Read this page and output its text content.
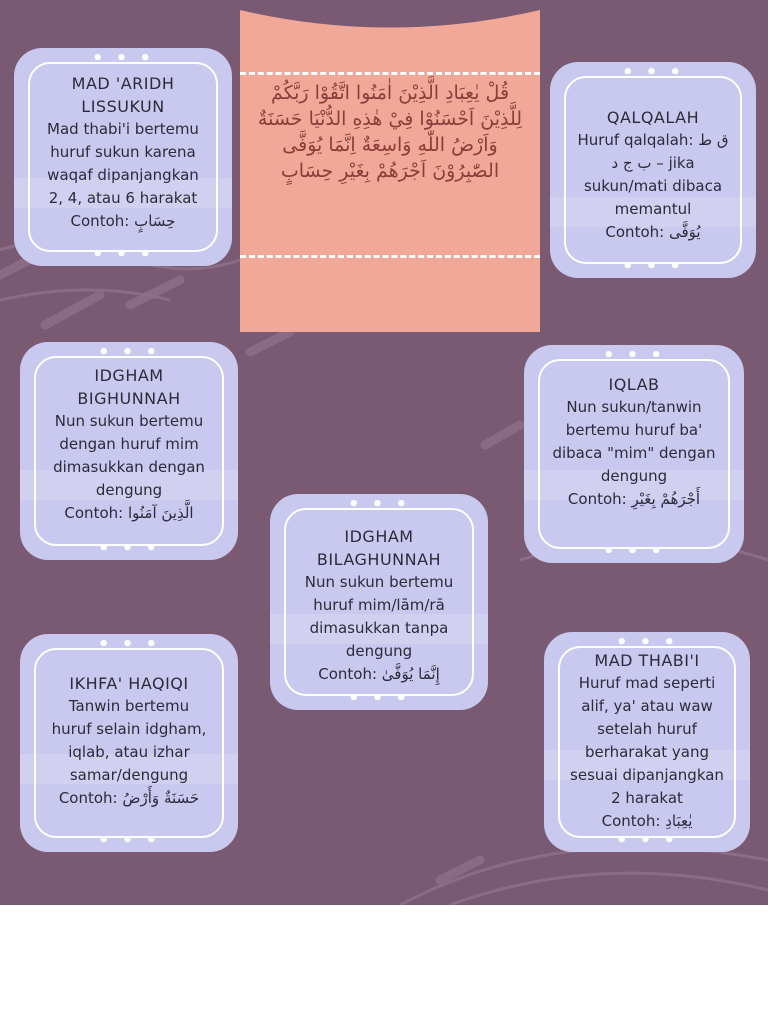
قُلْ يٰعِبَادِ الَّذِيْنَ اٰمَنُوا اتَّقُوْا رَبَّكُمْ لِلَّذِيْنَ اَحْسَنُوْا فِيْ هٰذِهِ الدُّنْيَا حَسَنَةٌ وَاَرْضُ اللّٰهِ وَاسِعَةٌ اِنَّمَا يُوَفَّى الصّٰبِرُوْنَ اَجْرَهُمْ بِغَيْرِ حِسَابٍ
• • •
• • •
MAD 'ARIDH
LISSUKUN
Mad thabi'i bertemu
huruf sukun karena
waqaf dipanjangkan
2, 4, atau 6 harakat
Contoh: حِسَابٍ
• • •
• • •
QALQALAH
Huruf qalqalah: ق ط
ب ج د – jika
sukun/mati dibaca
memantul
Contoh: يُوَفَّى
• • •
• • •
IDGHAM
BIGHUNNAH
Nun sukun bertemu
dengan huruf mim
dimasukkan dengan
dengung
Contoh: الَّذِينَ آمَنُوا
• • •
• • •
IQLAB
Nun sukun/tanwin
bertemu huruf ba'
dibaca "mim" dengan
dengung
Contoh: أَجْرَهُمْ بِغَيْرِ
• • •
• • •
IDGHAM
BILAGHUNNAH
Nun sukun bertemu
huruf mim/lām/rā
dimasukkan tanpa
dengung
Contoh: إِنَّمَا يُوَفَّىٰ
• • •
• • •
IKHFA' HAQIQI
Tanwin bertemu
huruf selain idgham,
iqlab, atau izhar
samar/dengung
Contoh: حَسَنَةٌ وَأَرْضُ
• • •
• • •
MAD THABI'I
Huruf mad seperti
alif, ya' atau waw
setelah huruf
berharakat yang
sesuai dipanjangkan
2 harakat
Contoh: يٰعِبَادِ
